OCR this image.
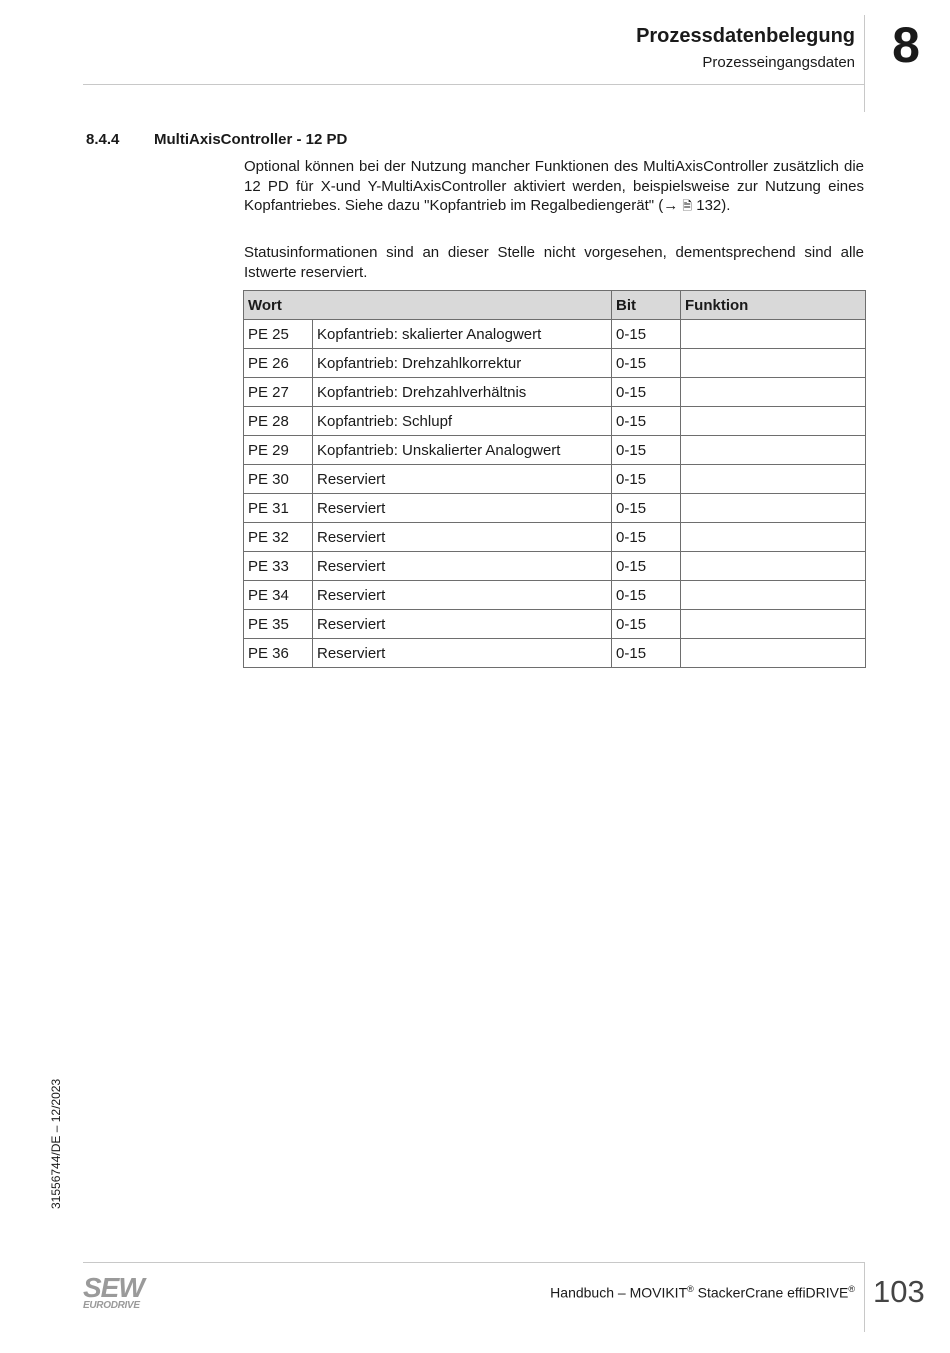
Prozessdatenbelegung
Prozesseingangsdaten 8
8.4.4 MultiAxisController - 12 PD
Optional können bei der Nutzung mancher Funktionen des MultiAxisController zusätzlich die 12 PD für X-und Y-MultiAxisController aktiviert werden, beispielsweise zur Nutzung eines Kopfantriebes. Siehe dazu "Kopfantrieb im Regalbediengerät" (→ 🗎 132).
Statusinformationen sind an dieser Stelle nicht vorgesehen, dementsprechend sind alle Istwerte reserviert.
Wort		Bit	Funktion
PE 25	Kopfantrieb: skalierter Analogwert	0-15	
PE 26	Kopfantrieb: Drehzahlkorrektur	0-15	
PE 27	Kopfantrieb: Drehzahlverhältnis	0-15	
PE 28	Kopfantrieb: Schlupf	0-15	
PE 29	Kopfantrieb: Unskalierter Analogwert	0-15	
PE 30	Reserviert	0-15	
PE 31	Reserviert	0-15	
PE 32	Reserviert	0-15	
PE 33	Reserviert	0-15	
PE 34	Reserviert	0-15	
PE 35	Reserviert	0-15	
PE 36	Reserviert	0-15	
31556744/DE – 12/2023
SEW
EURODRIVE
Handbuch – MOVIKIT® StackerCrane effiDRIVE® 103
